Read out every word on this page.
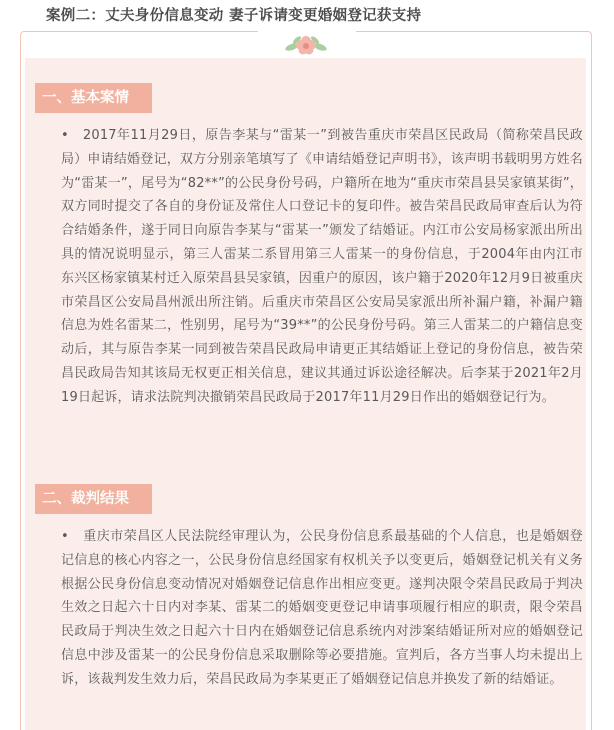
案例二：丈夫身份信息变动 妻子诉请变更婚姻登记获支持
一、基本案情
• 2017年11月29日，原告李某与“雷某一”到被告重庆市荣昌区民政局（简称荣昌民政局）申请结婚登记，双方分别亲笔填写了《申请结婚登记声明书》，该声明书载明男方姓名为“雷某一”，尾号为“82**”的公民身份号码，户籍所在地为“重庆市荣昌县吴家镇某街”，双方同时提交了各自的身份证及常住人口登记卡的复印件。被告荣昌民政局审查后认为符合结婚条件，遂于同日向原告李某与“雷某一”颁发了结婚证。内江市公安局杨家派出所出具的情况说明显示，第三人雷某二系冒用第三人雷某一的身份信息，于2004年由内江市东兴区杨家镇某村迁入原荣昌县吴家镇，因重户的原因，该户籍于2020年12月9日被重庆市荣昌区公安局昌州派出所注销。后重庆市荣昌区公安局吴家派出所补漏户籍，补漏户籍信息为姓名雷某二，性别男，尾号为“39**”的公民身份号码。第三人雷某二的户籍信息变动后，其与原告李某一同到被告荣昌民政局申请更正其结婚证上登记的身份信息，被告荣昌民政局告知其该局无权更正相关信息，建议其通过诉讼途径解决。后李某于2021年2月19日起诉，请求法院判决撤销荣昌民政局于2017年11月29日作出的婚姻登记行为。
二、裁判结果
• 重庆市荣昌区人民法院经审理认为，公民身份信息系最基础的个人信息，也是婚姻登记信息的核心内容之一，公民身份信息经国家有权机关予以变更后，婚姻登记机关有义务根据公民身份信息变动情况对婚姻登记信息作出相应变更。遂判决限令荣昌民政局于判决生效之日起六十日内对李某、雷某二的婚姻变更登记申请事项履行相应的职责，限令荣昌民政局于判决生效之日起六十日内在婚姻登记信息系统内对涉案结婚证所对应的婚姻登记信息中涉及雷某一的公民身份信息采取删除等必要措施。宣判后，各方当事人均未提出上诉，该裁判发生效力后，荣昌民政局为李某更正了婚姻登记信息并换发了新的结婚证。
